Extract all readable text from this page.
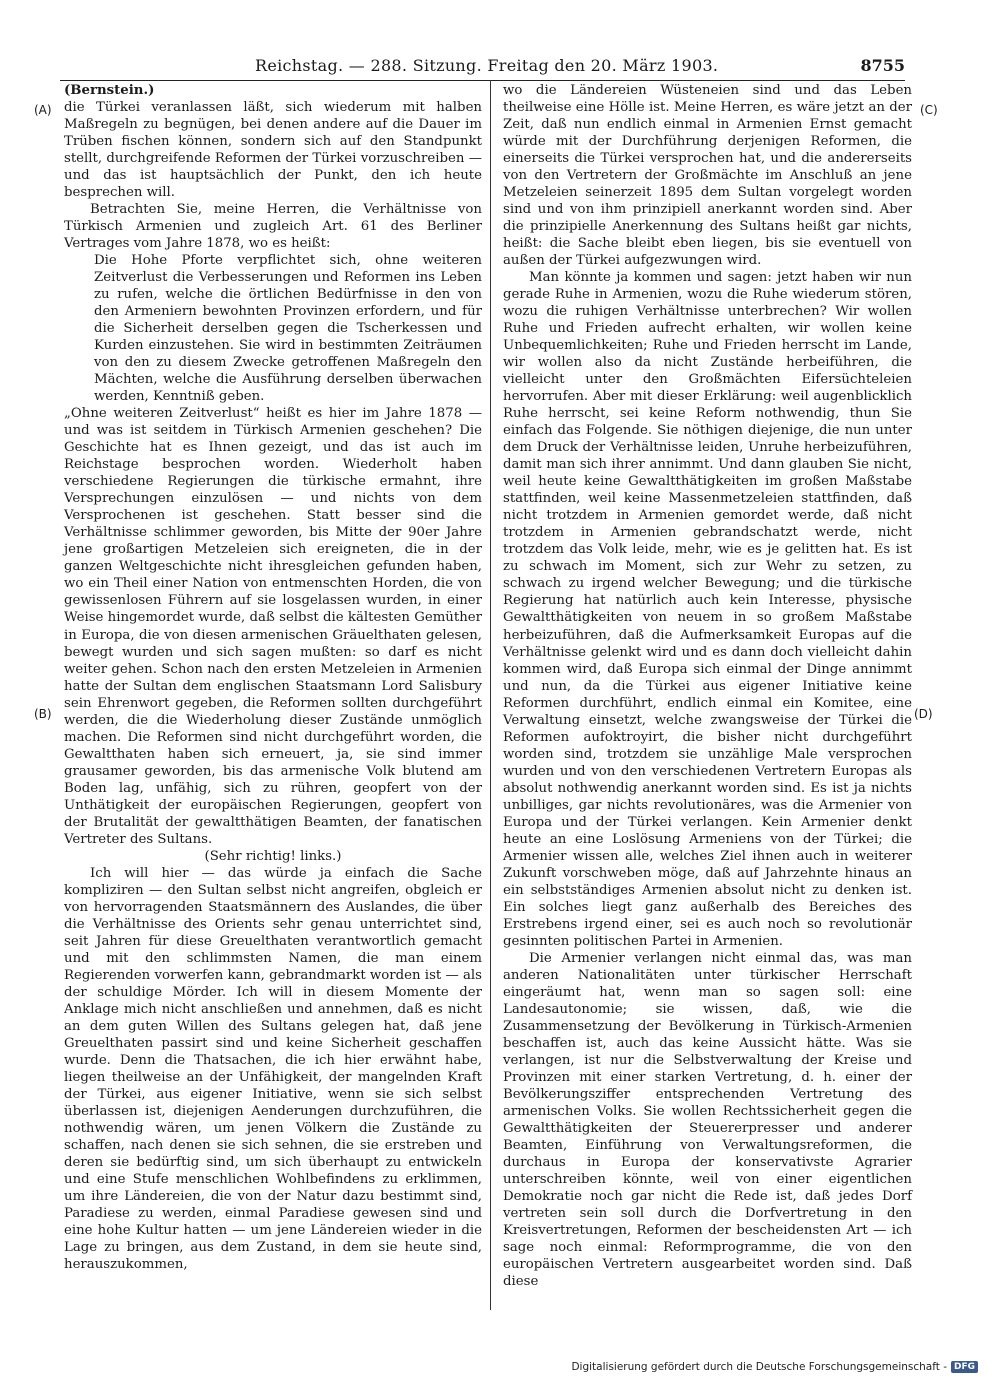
Reichstag. — 288. Sitzung. Freitag den 20. März 1903.	8755
(A)
(B)
(C)
(D)

(Bernstein.)

die Türkei veranlassen läßt, sich wiederum mit halben Maßregeln zu begnügen, bei denen andere auf die Dauer im Trüben fischen können, sondern sich auf den Standpunkt stellt, durchgreifende Reformen der Türkei vorzuschreiben — und das ist hauptsächlich der Punkt, den ich heute besprechen will.

Betrachten Sie, meine Herren, die Verhältnisse von Türkisch Armenien und zugleich Art. 61 des Berliner Vertrages vom Jahre 1878, wo es heißt:

Die Hohe Pforte verpflichtet sich, ohne weiteren Zeitverlust die Verbesserungen und Reformen ins Leben zu rufen, welche die örtlichen Bedürfnisse in den von den Armeniern bewohnten Provinzen erfordern, und für die Sicherheit derselben gegen die Tscherkessen und Kurden einzustehen. Sie wird in bestimmten Zeiträumen von den zu diesem Zwecke getroffenen Maßregeln den Mächten, welche die Ausführung derselben überwachen werden, Kenntniß geben.

„Ohne weiteren Zeitverlust“ heißt es hier im Jahre 1878 — und was ist seitdem in Türkisch Armenien geschehen? Die Geschichte hat es Ihnen gezeigt, und das ist auch im Reichstage besprochen worden. Wiederholt haben verschiedene Regierungen die türkische ermahnt, ihre Versprechungen einzulösen — und nichts von dem Versprochenen ist geschehen. Statt besser sind die Verhältnisse schlimmer geworden, bis Mitte der 90er Jahre jene großartigen Metzeleien sich ereigneten, die in der ganzen Weltgeschichte nicht ihresgleichen gefunden haben, wo ein Theil einer Nation von entmenschten Horden, die von gewissenlosen Führern auf sie losgelassen wurden, in einer Weise hingemordet wurde, daß selbst die kältesten Gemüther in Europa, die von diesen armenischen Gräuelthaten gelesen, bewegt wurden und sich sagen mußten: so darf es nicht weiter gehen. Schon nach den ersten Metzeleien in Armenien hatte der Sultan dem englischen Staatsmann Lord Salisbury sein Ehrenwort gegeben, die Reformen sollten durchgeführt werden, die die Wiederholung dieser Zustände unmöglich machen. Die Reformen sind nicht durchgeführt worden, die Gewaltthaten haben sich erneuert, ja, sie sind immer grausamer geworden, bis das armenische Volk blutend am Boden lag, unfähig, sich zu rühren, geopfert von der Unthätigkeit der europäischen Regierungen, geopfert von der Brutalität der gewaltthätigen Beamten, der fanatischen Vertreter des Sultans.

(Sehr richtig! links.)

Ich will hier — das würde ja einfach die Sache kompliziren — den Sultan selbst nicht angreifen, obgleich er von hervorragenden Staatsmännern des Auslandes, die über die Verhältnisse des Orients sehr genau unterrichtet sind, seit Jahren für diese Greuelthaten verantwortlich gemacht und mit den schlimmsten Namen, die man einem Regierenden vorwerfen kann, gebrandmarkt worden ist — als der schuldige Mörder. Ich will in diesem Momente der Anklage mich nicht anschließen und annehmen, daß es nicht an dem guten Willen des Sultans gelegen hat, daß jene Greuelthaten passirt sind und keine Sicherheit geschaffen wurde. Denn die Thatsachen, die ich hier erwähnt habe, liegen theilweise an der Unfähigkeit, der mangelnden Kraft der Türkei, aus eigener Initiative, wenn sie sich selbst überlassen ist, diejenigen Aenderungen durchzuführen, die nothwendig wären, um jenen Völkern die Zustände zu schaffen, nach denen sie sich sehnen, die sie erstreben und deren sie bedürftig sind, um sich überhaupt zu entwickeln und eine Stufe menschlichen Wohlbefindens zu erklimmen, um ihre Ländereien, die von der Natur dazu bestimmt sind, Paradiese zu werden, einmal Paradiese gewesen sind und eine hohe Kultur hatten — um jene Ländereien wieder in die Lage zu bringen, aus dem Zustand, in dem sie heute sind, herauszukommen,

wo die Ländereien Wüsteneien sind und das Leben theilweise eine Hölle ist. Meine Herren, es wäre jetzt an der Zeit, daß nun endlich einmal in Armenien Ernst gemacht würde mit der Durchführung derjenigen Reformen, die einerseits die Türkei versprochen hat, und die andererseits von den Vertretern der Großmächte im Anschluß an jene Metzeleien seinerzeit 1895 dem Sultan vorgelegt worden sind und von ihm prinzipiell anerkannt worden sind. Aber die prinzipielle Anerkennung des Sultans heißt gar nichts, heißt: die Sache bleibt eben liegen, bis sie eventuell von außen der Türkei aufgezwungen wird.

Man könnte ja kommen und sagen: jetzt haben wir nun gerade Ruhe in Armenien, wozu die Ruhe wiederum stören, wozu die ruhigen Verhältnisse unterbrechen? Wir wollen Ruhe und Frieden aufrecht erhalten, wir wollen keine Unbequemlichkeiten; Ruhe und Frieden herrscht im Lande, wir wollen also da nicht Zustände herbeiführen, die vielleicht unter den Großmächten Eifersüchteleien hervorrufen. Aber mit dieser Erklärung: weil augenblicklich Ruhe herrscht, sei keine Reform nothwendig, thun Sie einfach das Folgende. Sie nöthigen diejenige, die nun unter dem Druck der Verhältnisse leiden, Unruhe herbeizuführen, damit man sich ihrer annimmt. Und dann glauben Sie nicht, weil heute keine Gewaltthätigkeiten im großen Maßstabe stattfinden, weil keine Massenmetzeleien stattfinden, daß nicht trotzdem in Armenien gemordet werde, daß nicht trotzdem in Armenien gebrandschatzt werde, nicht trotzdem das Volk leide, mehr, wie es je gelitten hat. Es ist zu schwach im Moment, sich zur Wehr zu setzen, zu schwach zu irgend welcher Bewegung; und die türkische Regierung hat natürlich auch kein Interesse, physische Gewaltthätigkeiten von neuem in so großem Maßstabe herbeizuführen, daß die Aufmerksamkeit Europas auf die Verhältnisse gelenkt wird und es dann doch vielleicht dahin kommen wird, daß Europa sich einmal der Dinge annimmt und nun, da die Türkei aus eigener Initiative keine Reformen durchführt, endlich einmal ein Komitee, eine Verwaltung einsetzt, welche zwangsweise der Türkei die Reformen aufoktroyirt, die bisher nicht durchgeführt worden sind, trotzdem sie unzählige Male versprochen wurden und von den verschiedenen Vertretern Europas als absolut nothwendig anerkannt worden sind. Es ist ja nichts unbilliges, gar nichts revolutionäres, was die Armenier von Europa und der Türkei verlangen. Kein Armenier denkt heute an eine Loslösung Armeniens von der Türkei; die Armenier wissen alle, welches Ziel ihnen auch in weiterer Zukunft vorschweben möge, daß auf Jahrzehnte hinaus an ein selbstständiges Armenien absolut nicht zu denken ist. Ein solches liegt ganz außerhalb des Bereiches des Erstrebens irgend einer, sei es auch noch so revolutionär gesinnten politischen Partei in Armenien.

Die Armenier verlangen nicht einmal das, was man anderen Nationalitäten unter türkischer Herrschaft eingeräumt hat, wenn man so sagen soll: eine Landesautonomie; sie wissen, daß, wie die Zusammensetzung der Bevölkerung in Türkisch-Armenien beschaffen ist, auch das keine Aussicht hätte. Was sie verlangen, ist nur die Selbstverwaltung der Kreise und Provinzen mit einer starken Vertretung, d. h. einer der Bevölkerungsziffer entsprechenden Vertretung des armenischen Volks. Sie wollen Rechtssicherheit gegen die Gewaltthätigkeiten der Steuererpresser und anderer Beamten, Einführung von Verwaltungsreformen, die durchaus in Europa der konservativste Agrarier unterschreiben könnte, weil von einer eigentlichen Demokratie noch gar nicht die Rede ist, daß jedes Dorf vertreten sein soll durch die Dorfvertretung in den Kreisvertretungen, Reformen der bescheidensten Art — ich sage noch einmal: Reformprogramme, die von den europäischen Vertretern ausgearbeitet worden sind. Daß diese

Digitalisierung gefördert durch die Deutsche Forschungsgemeinschaft - DFG
